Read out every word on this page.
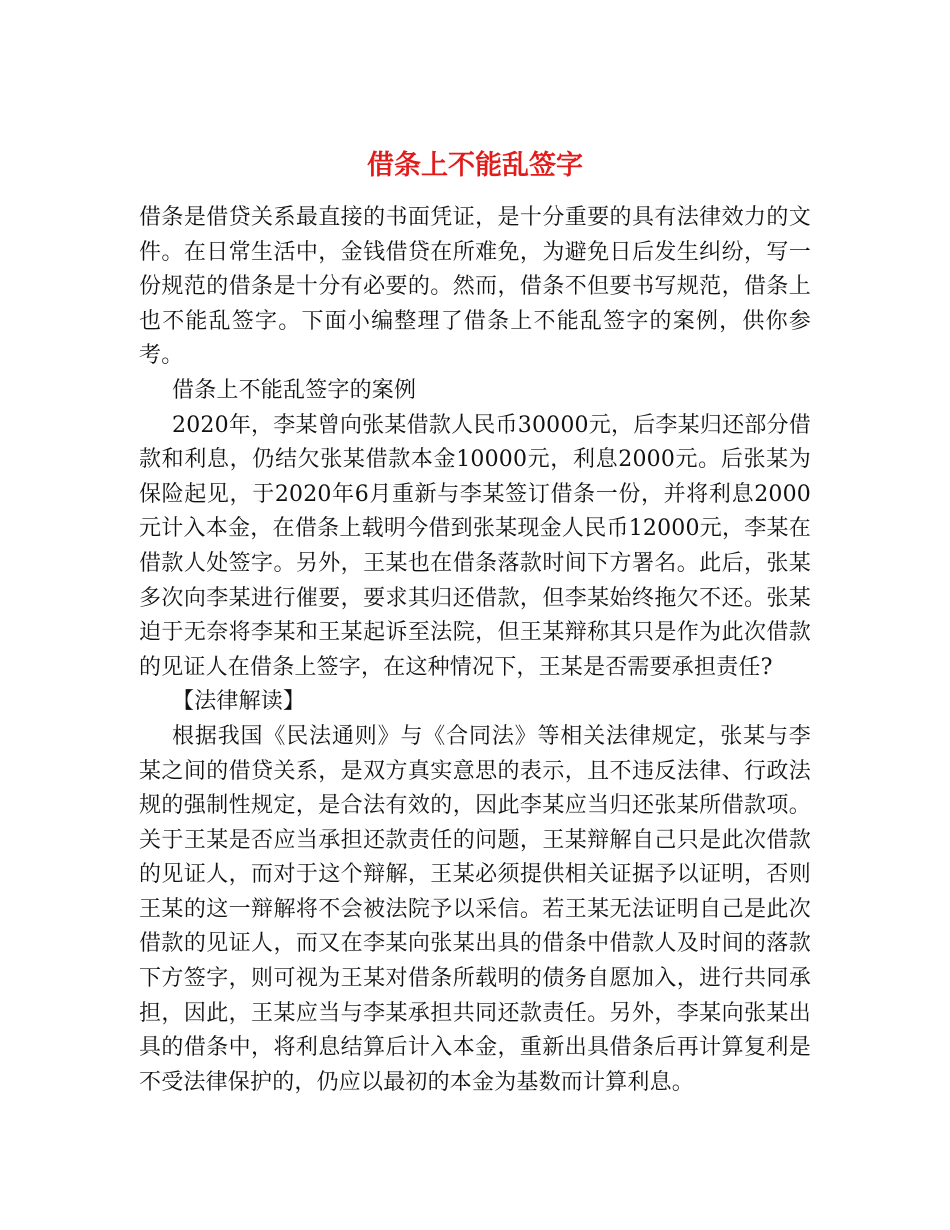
借条上不能乱签字

借条是借贷关系最直接的书面凭证，是十分重要的具有法律效力的文件。在日常生活中，金钱借贷在所难免，为避免日后发生纠纷，写一份规范的借条是十分有必要的。然而，借条不但要书写规范，借条上也不能乱签字。下面小编整理了借条上不能乱签字的案例，供你参考。

借条上不能乱签字的案例

2020年，李某曾向张某借款人民币30000元，后李某归还部分借款和利息，仍结欠张某借款本金10000元，利息2000元。后张某为保险起见，于2020年6月重新与李某签订借条一份，并将利息2000元计入本金，在借条上载明今借到张某现金人民币12000元，李某在借款人处签字。另外，王某也在借条落款时间下方署名。此后，张某多次向李某进行催要，要求其归还借款，但李某始终拖欠不还。张某迫于无奈将李某和王某起诉至法院，但王某辩称其只是作为此次借款的见证人在借条上签字，在这种情况下，王某是否需要承担责任?

【法律解读】

根据我国《民法通则》与《合同法》等相关法律规定，张某与李某之间的借贷关系，是双方真实意思的表示，且不违反法律、行政法规的强制性规定，是合法有效的，因此李某应当归还张某所借款项。关于王某是否应当承担还款责任的问题，王某辩解自己只是此次借款的见证人，而对于这个辩解，王某必须提供相关证据予以证明，否则王某的这一辩解将不会被法院予以采信。若王某无法证明自己是此次借款的见证人，而又在李某向张某出具的借条中借款人及时间的落款下方签字，则可视为王某对借条所载明的债务自愿加入，进行共同承担，因此，王某应当与李某承担共同还款责任。另外，李某向张某出具的借条中，将利息结算后计入本金，重新出具借条后再计算复利是不受法律保护的，仍应以最初的本金为基数而计算利息。
